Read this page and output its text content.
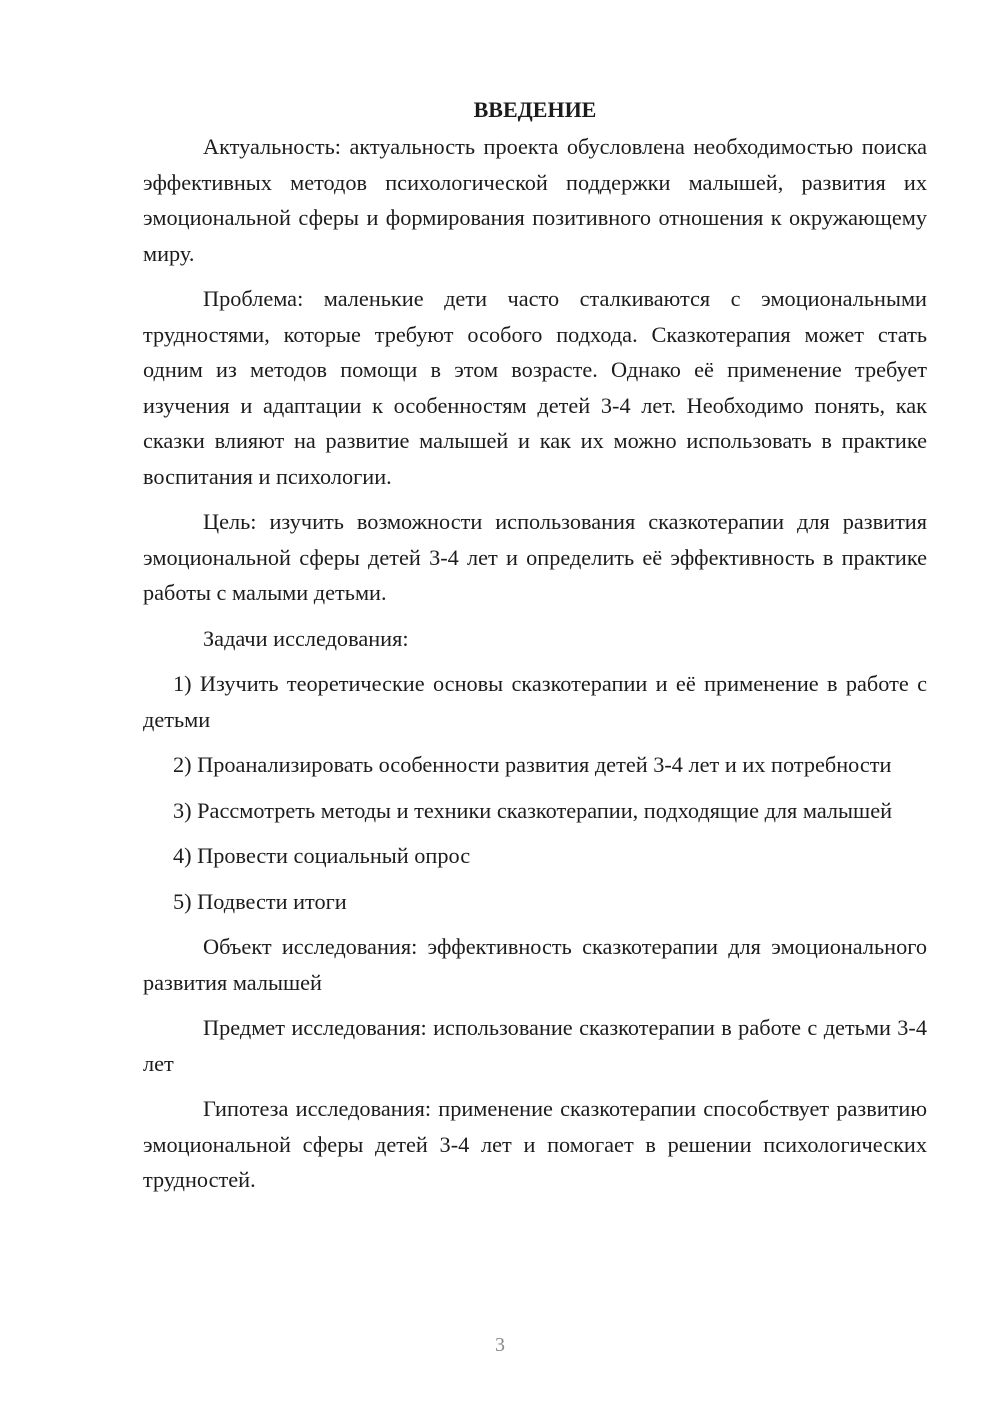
ВВЕДЕНИЕ

Актуальность: актуальность проекта обусловлена необходимостью поиска эффективных методов психологической поддержки малышей, развития их эмоциональной сферы и формирования позитивного отношения к окружающему миру.

Проблема: маленькие дети часто сталкиваются с эмоциональными трудностями, которые требуют особого подхода. Сказкотерапия может стать одним из методов помощи в этом возрасте. Однако её применение требует изучения и адаптации к особенностям детей 3-4 лет. Необходимо понять, как сказки влияют на развитие малышей и как их можно использовать в практике воспитания и психологии.

Цель: изучить возможности использования сказкотерапии для развития эмоциональной сферы детей 3-4 лет и определить её эффективность в практике работы с малыми детьми.

Задачи исследования:

1) Изучить теоретические основы сказкотерапии и её применение в работе с детьми

2) Проанализировать особенности развития детей 3-4 лет и их потребности

3) Рассмотреть методы и техники сказкотерапии, подходящие для малышей

4) Провести социальный опрос

5) Подвести итоги

Объект исследования: эффективность сказкотерапии для эмоционального развития малышей

Предмет исследования: использование сказкотерапии в работе с детьми 3-4 лет

Гипотеза исследования: применение сказкотерапии способствует развитию эмоциональной сферы детей 3-4 лет и помогает в решении психологических трудностей.

3
